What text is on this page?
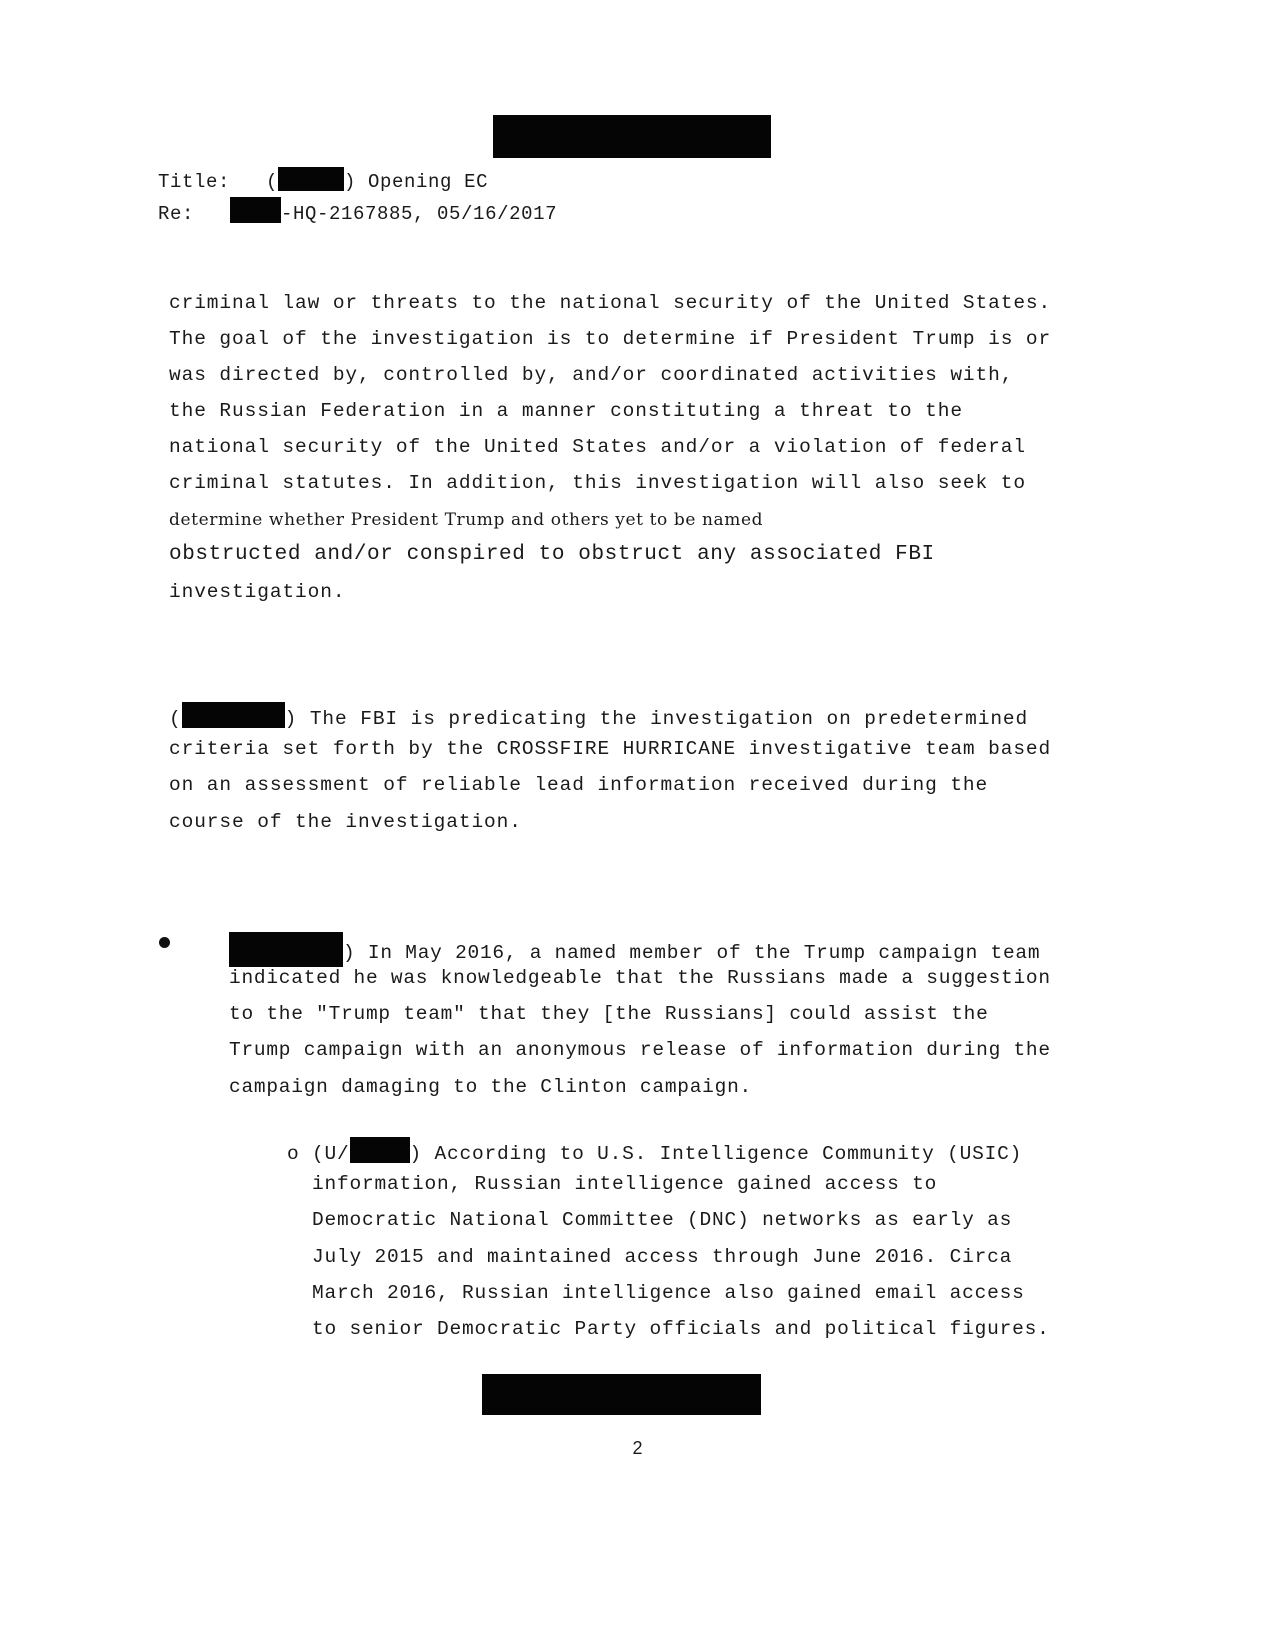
Title: (	) Opening EC
Re:	-HQ-2167885, 05/16/2017
criminal law or threats to the national security of the United States.
The goal of the investigation is to determine if President Trump is or
was directed by, controlled by, and/or coordinated activities with,
the Russian Federation in a manner constituting a threat to the
national security of the United States and/or a violation of federal
criminal statutes. In addition, this investigation will also seek to
determine whether President Trump and others yet to be named
obstructed and/or conspired to obstruct any associated FBI
investigation.
(	) The FBI is predicating the investigation on predetermined
criteria set forth by the CROSSFIRE HURRICANE investigative team based
on an assessment of reliable lead information received during the
course of the investigation.
) In May 2016, a named member of the Trump campaign team
indicated he was knowledgeable that the Russians made a suggestion
to the "Trump team" that they [the Russians] could assist the
Trump campaign with an anonymous release of information during the
campaign damaging to the Clinton campaign.
o (U/	) According to U.S. Intelligence Community (USIC)
information, Russian intelligence gained access to
Democratic National Committee (DNC) networks as early as
July 2015 and maintained access through June 2016. Circa
March 2016, Russian intelligence also gained email access
to senior Democratic Party officials and political figures.
2
